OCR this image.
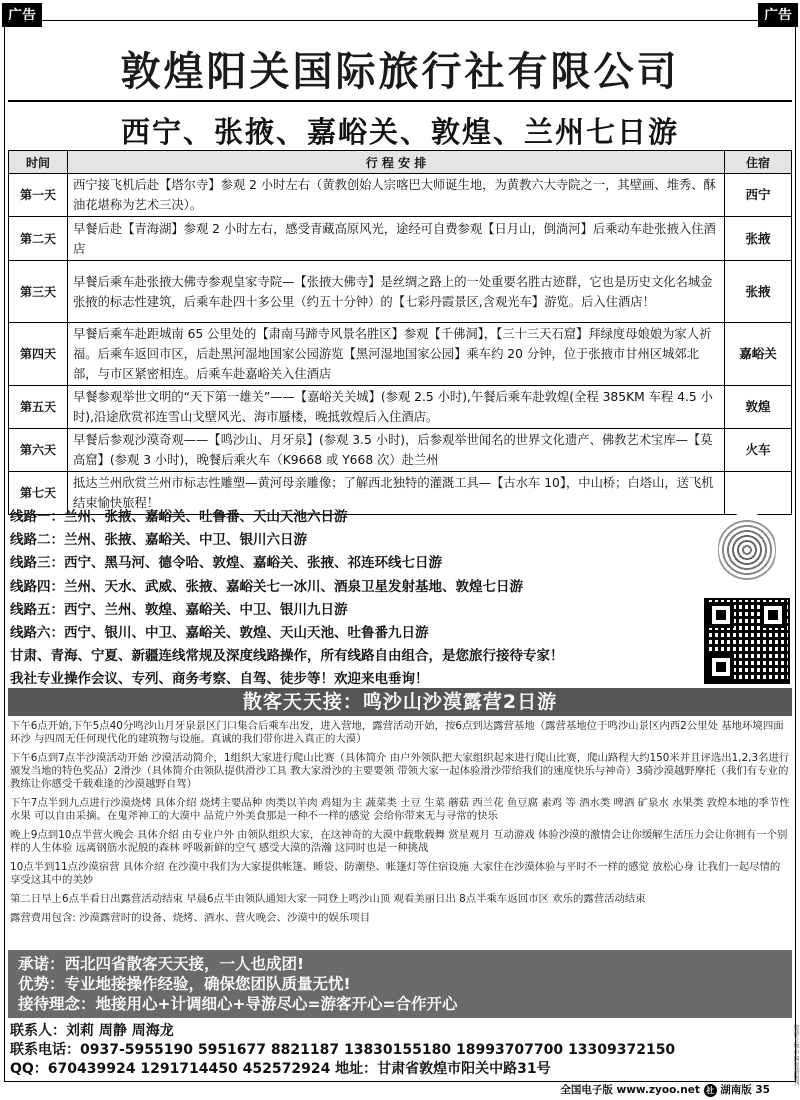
广告	广告
敦煌阳关国际旅行社有限公司
西宁、张掖、嘉峪关、敦煌、兰州七日游
时间	行 程 安 排	住宿
第一天	西宁接飞机后赴【塔尔寺】参观 2 小时左右（黄教创始人宗喀巴大师诞生地，为黄教六大寺院之一，其壁画、堆秀、酥油花堪称为艺术三决）。	西宁
第二天	早餐后赴【青海湖】参观 2 小时左右，感受青藏高原风光，途经可自费参观【日月山，倒淌河】后乘动车赴张掖入住酒店	张掖
第三天	早餐后乘车赴张掖大佛寺参观皇家寺院—【张掖大佛寺】是丝绸之路上的一处重要名胜古迹群，它也是历史文化名城金张掖的标志性建筑，后乘车赴四十多公里（约五十分钟）的【七彩丹霞景区,含观光车】游览。后入住酒店！	张掖
第四天	早餐后乘车赴距城南 65 公里处的【肃南马蹄寺风景名胜区】参观【千佛洞】，【三十三天石窟】拜绿度母娘娘为家人祈福。后乘车返回市区，后赴黑河湿地国家公园游览【黑河湿地国家公园】乘车约 20 分钟，位于张掖市甘州区城郊北部，与市区紧密相连。后乘车赴嘉峪关入住酒店	嘉峪关
第五天	早餐参观举世文明的“天下第一雄关”——【嘉峪关关城】(参观 2.5 小时),午餐后乘车赴敦煌(全程 385KM 车程 4.5 小时),沿途欣赏祁连雪山戈壁风光、海市蜃楼，晚抵敦煌后入住酒店。	敦煌
第六天	早餐后参观沙漠奇观——【鸣沙山、月牙泉】(参观 3.5 小时)，后参观举世闻名的世界文化遗产、佛教艺术宝库—【莫高窟】(参观 3 小时)，晚餐后乘火车（K9668 或 Y668 次）赴兰州	火车
第七天	抵达兰州欣赏兰州市标志性雕塑—黄河母亲雕像；了解西北独特的灌溉工具—【古水车 10】，中山桥；白塔山，送飞机结束愉快旅程！	
线路一：兰州、张掖、嘉峪关、吐鲁番、天山天池六日游
线路二：兰州、张掖、嘉峪关、中卫、银川六日游
线路三：西宁、黑马河、德令哈、敦煌、嘉峪关、张掖、祁连环线七日游
线路四：兰州、天水、武威、张掖、嘉峪关七一冰川、酒泉卫星发射基地、敦煌七日游
线路五：西宁、兰州、敦煌、嘉峪关、中卫、银川九日游
线路六：西宁、银川、中卫、嘉峪关、敦煌、天山天池、吐鲁番九日游
甘肃、青海、宁夏、新疆连线常规及深度线路操作，所有线路自由组合，是您旅行接待专家！
我社专业操作会议、专列、商务考察、自驾、徒步等！欢迎来电垂询！
散客天天接：鸣沙山沙漠露营2日游

下午6点开始,下午5点40分鸣沙山月牙泉景区门口集合后乘车出发，进入营地，露营活动开始，按6点到达露营基地（露营基地位于鸣沙山景区内西2公里处 基地环境四面环沙 与四周无任何现代化的建筑物与设施。真诚的我们带你进入真正的大漠）

下午6点到7点半沙漠活动开始 沙漠活动简介，1组织大家进行爬山比赛（具体简介 由户外领队把大家组织起来进行爬山比赛，爬山路程大约150米并且评选出1,2,3名进行颁发当地的特色奖品）2滑沙（具体简介由领队提供滑沙工具 教大家滑沙的主要要领 带领大家一起体验滑沙带给我们的速度快乐与神奇）3骑沙漠越野摩托（我们有专业的教练让你感受千载难逢的沙漠越野自驾）

下午7点半到九点进行沙漠烧烤 具体介绍 烧烤主要品种 肉类以羊肉 鸡翅为主 蔬菜类 土豆 生菜 蘑菇 西兰花 鱼豆腐 素鸡 等 酒水类 啤酒 矿泉水 水果类 敦煌本地的季节性水果 可以自由采摘。在鬼斧神工的大漠中 品荒户外美食那是一种不一样的感觉 会给你带来无与寻常的快乐

晚上9点到10点半营火晚会 具体介绍 由专业户外 由领队组织大家，在这神奇的大漠中载歌载舞 赏星观月 互动游戏 体验沙漠的激情会让你缓解生活压力会让你拥有一个别样的人生体验 远离钢筋水泥般的森林 呼吸新鲜的空气 感受大漠的浩瀚 这同时也是一种挑战

10点半到11点沙漠宿营 具体介绍 在沙漠中我们为大家提供帐篷、睡袋、防潮垫、帐篷灯等住宿设施 大家住在沙漠体验与平时不一样的感觉 放松心身 让我们一起尽情的享受这其中的美妙

第二日早上6点半看日出露营活动结束 早晨6点半由领队通知大家一同登上鸣沙山顶 观看美丽日出 8点半乘车返回市区 欢乐的露营活动结束

露营费用包含: 沙漠露营时的设备、烧烤、酒水、营火晚会、沙漠中的娱乐项目

承诺：西北四省散客天天接，一人也成团!
优势：专业地接操作经验，确保您团队质量无忧!
接待理念：地接用心+计调细心+导游尽心=游客开心=合作开心
联系人：刘莉 周静 周海龙
联系电话：0937-5955190 5951677 8821187 13830155180 18993707700 13309372150
QQ：670439924 1291714450 452572924 地址：甘肃省敦煌市阳关中路31号
全国电子版 www.zyoo.net 社 湖南版 35
旅游专版·中国旅游报刊
